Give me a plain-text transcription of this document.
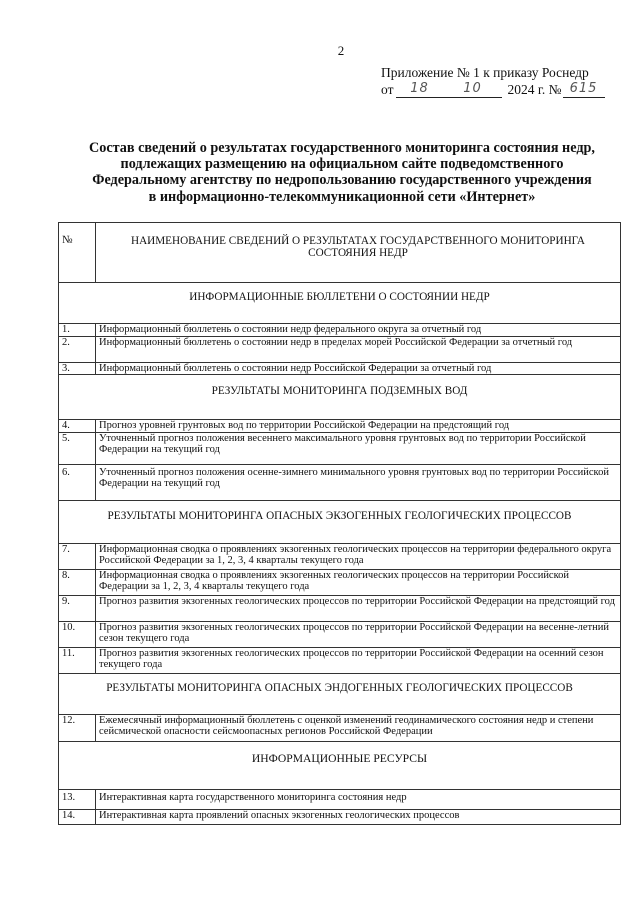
2
Приложение № 1 к приказу Роснедр
от	18	10	2024 г. № 615
Состав сведений о результатах государственного мониторинга состояния недр,
подлежащих размещению на официальном сайте подведомственного
Федеральному агентству по недропользованию государственного учреждения
в информационно-телекоммуникационной сети «Интернет»
№	НАИМЕНОВАНИЕ СВЕДЕНИЙ О РЕЗУЛЬТАТАХ ГОСУДАРСТВЕННОГО МОНИТОРИНГА СОСТОЯНИЯ НЕДР
ИНФОРМАЦИОННЫЕ БЮЛЛЕТЕНИ О СОСТОЯНИИ НЕДР	
1.	Информационный бюллетень о состоянии недр федерального округа за отчетный год
2.	Информационный бюллетень о состоянии недр в пределах морей Российской Федерации за отчетный год
3.	Информационный бюллетень о состоянии недр Российской Федерации за отчетный год
РЕЗУЛЬТАТЫ МОНИТОРИНГА ПОДЗЕМНЫХ ВОД	
4.	Прогноз уровней грунтовых вод по территории Российской Федерации на предстоящий год
5.	Уточненный прогноз положения весеннего максимального уровня грунтовых вод по территории Российской Федерации на текущий год
6.	Уточненный прогноз положения осенне-зимнего минимального уровня грунтовых вод по территории Российской Федерации на текущий год
РЕЗУЛЬТАТЫ МОНИТОРИНГА ОПАСНЫХ ЭКЗОГЕННЫХ ГЕОЛОГИЧЕСКИХ ПРОЦЕССОВ	
7.	Информационная сводка о проявлениях экзогенных геологических процессов на территории федерального округа Российской Федерации за 1, 2, 3, 4 кварталы текущего года
8.	Информационная сводка о проявлениях экзогенных геологических процессов на территории Российской Федерации за 1, 2, 3, 4 кварталы текущего года
9.	Прогноз развития экзогенных геологических процессов по территории Российской Федерации на предстоящий год
10.	Прогноз развития экзогенных геологических процессов по территории Российской Федерации на весенне-летний сезон текущего года
11.	Прогноз развития экзогенных геологических процессов по территории Российской Федерации на осенний сезон текущего года
РЕЗУЛЬТАТЫ МОНИТОРИНГА ОПАСНЫХ ЭНДОГЕННЫХ ГЕОЛОГИЧЕСКИХ ПРОЦЕССОВ	
12.	Ежемесячный информационный бюллетень с оценкой изменений геодинамического состояния недр и степени сейсмической опасности сейсмоопасных регионов Российской Федерации
ИНФОРМАЦИОННЫЕ РЕСУРСЫ	
13.	Интерактивная карта государственного мониторинга состояния недр
14.	Интерактивная карта проявлений опасных экзогенных геологических процессов
